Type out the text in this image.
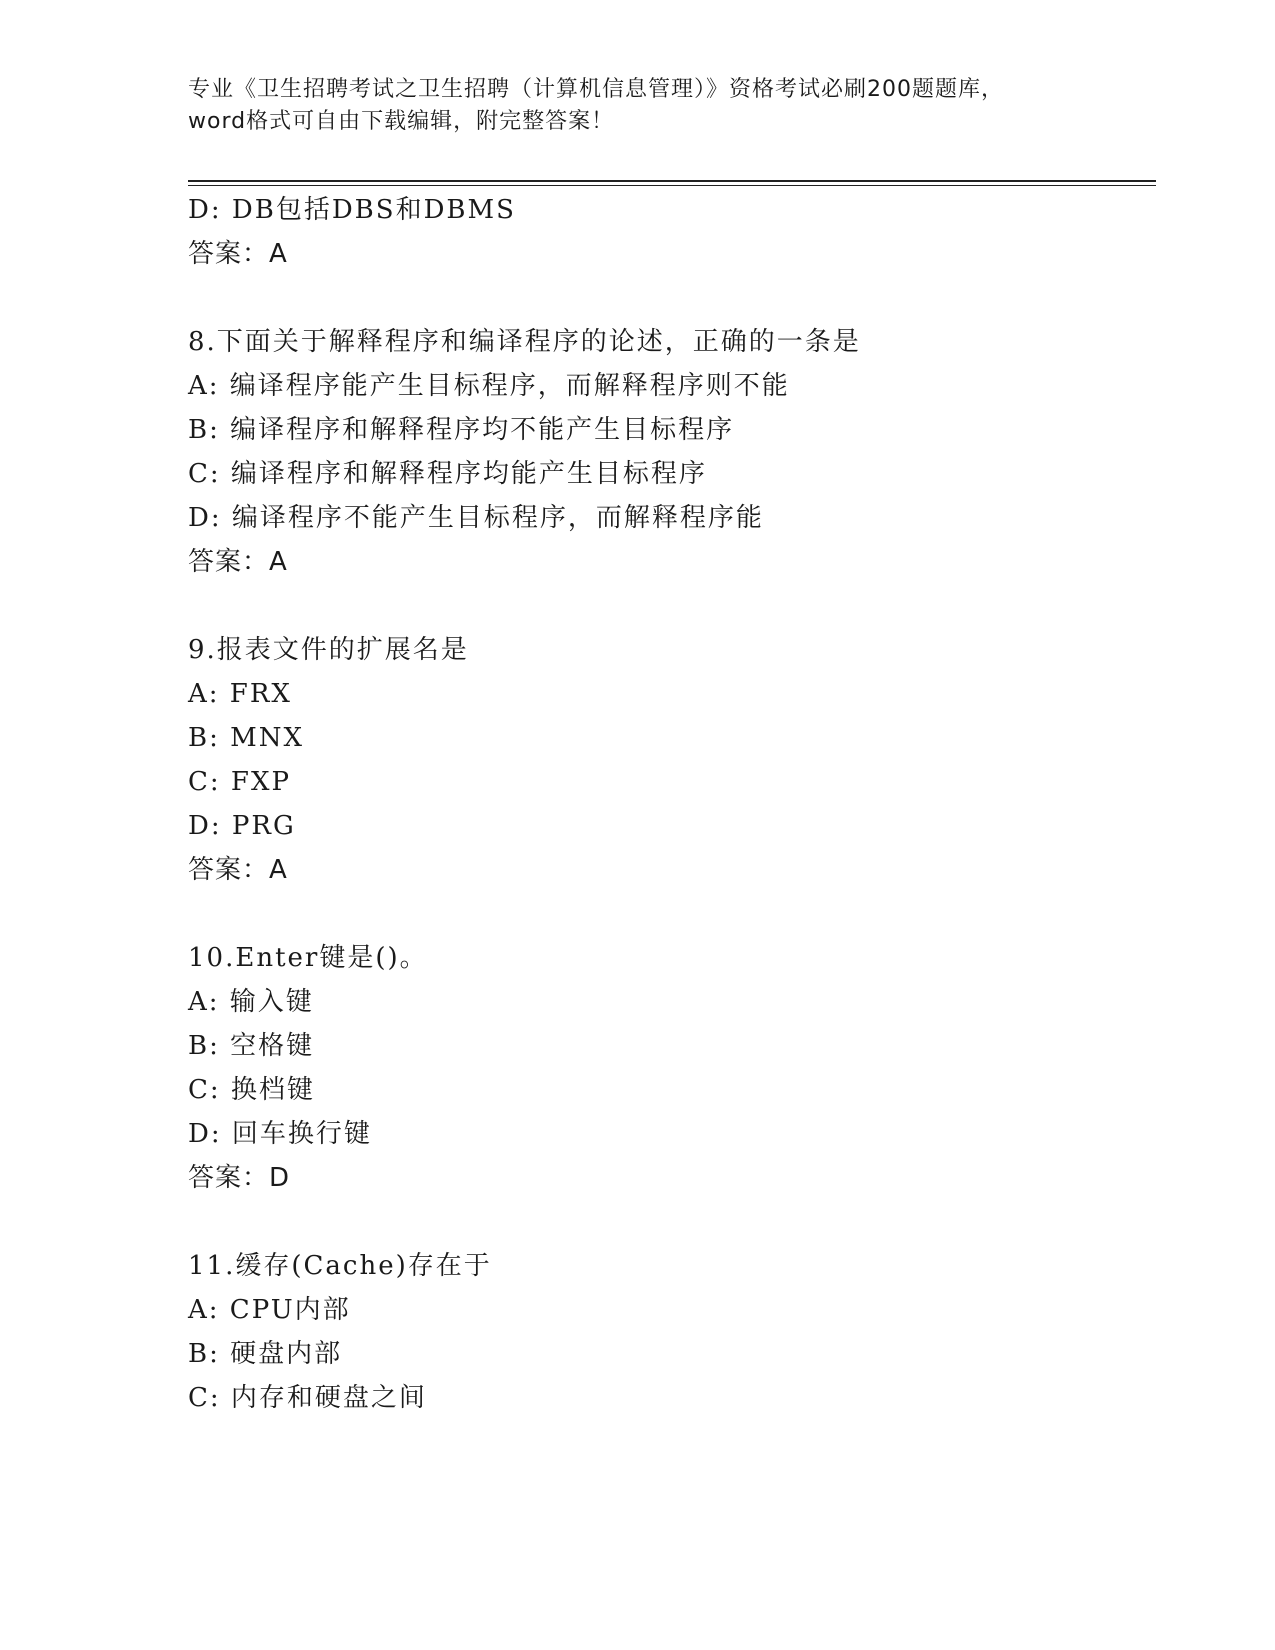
专业《卫生招聘考试之卫生招聘（计算机信息管理）》资格考试必刷200题题库，
word格式可自由下载编辑，附完整答案！
D: DB包括DBS和DBMS
答案：A
8.下面关于解释程序和编译程序的论述，正确的一条是
A: 编译程序能产生目标程序，而解释程序则不能
B: 编译程序和解释程序均不能产生目标程序
C: 编译程序和解释程序均能产生目标程序
D: 编译程序不能产生目标程序，而解释程序能
答案：A
9.报表文件的扩展名是
A: FRX
B: MNX
C: FXP
D: PRG
答案：A
10.Enter键是()。
A: 输入键
B: 空格键
C: 换档键
D: 回车换行键
答案：D
11.缓存(Cache)存在于
A: CPU内部
B: 硬盘内部
C: 内存和硬盘之间
